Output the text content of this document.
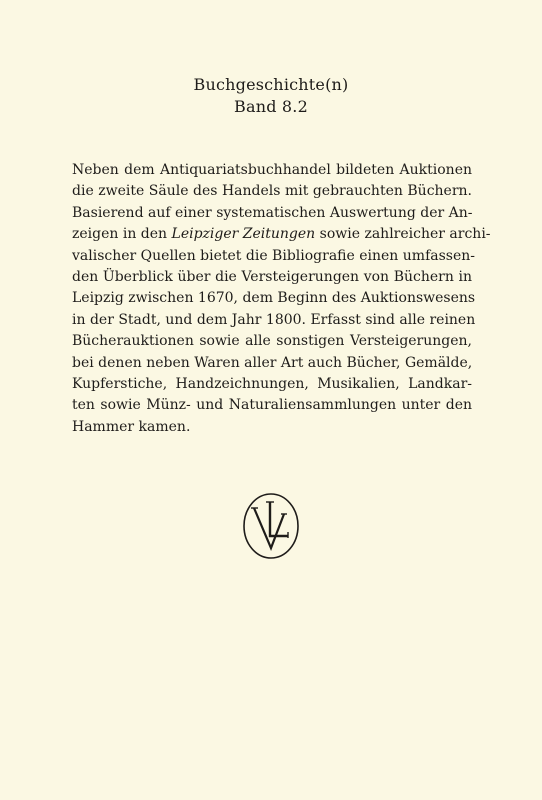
Buchgeschichte(n)
Band 8.2

Neben dem Antiquariatsbuchhandel bildeten Auktionen
die zweite Säule des Handels mit gebrauchten Büchern.
Basierend auf einer systematischen Auswertung der An-
zeigen in den Leipziger Zeitungen sowie zahlreicher archi-
valischer Quellen bietet die Bibliografie einen umfassen-
den Überblick über die Versteigerungen von Büchern in
Leipzig zwischen 1670, dem Beginn des Auktionswesens
in der Stadt, und dem Jahr 1800. Erfasst sind alle reinen
Bücherauktionen sowie alle sonstigen Versteigerungen,
bei denen neben Waren aller Art auch Bücher, Gemälde,
Kupferstiche, Handzeichnungen, Musikalien, Landkar-
ten sowie Münz- und Naturaliensammlungen unter den
Hammer kamen.
